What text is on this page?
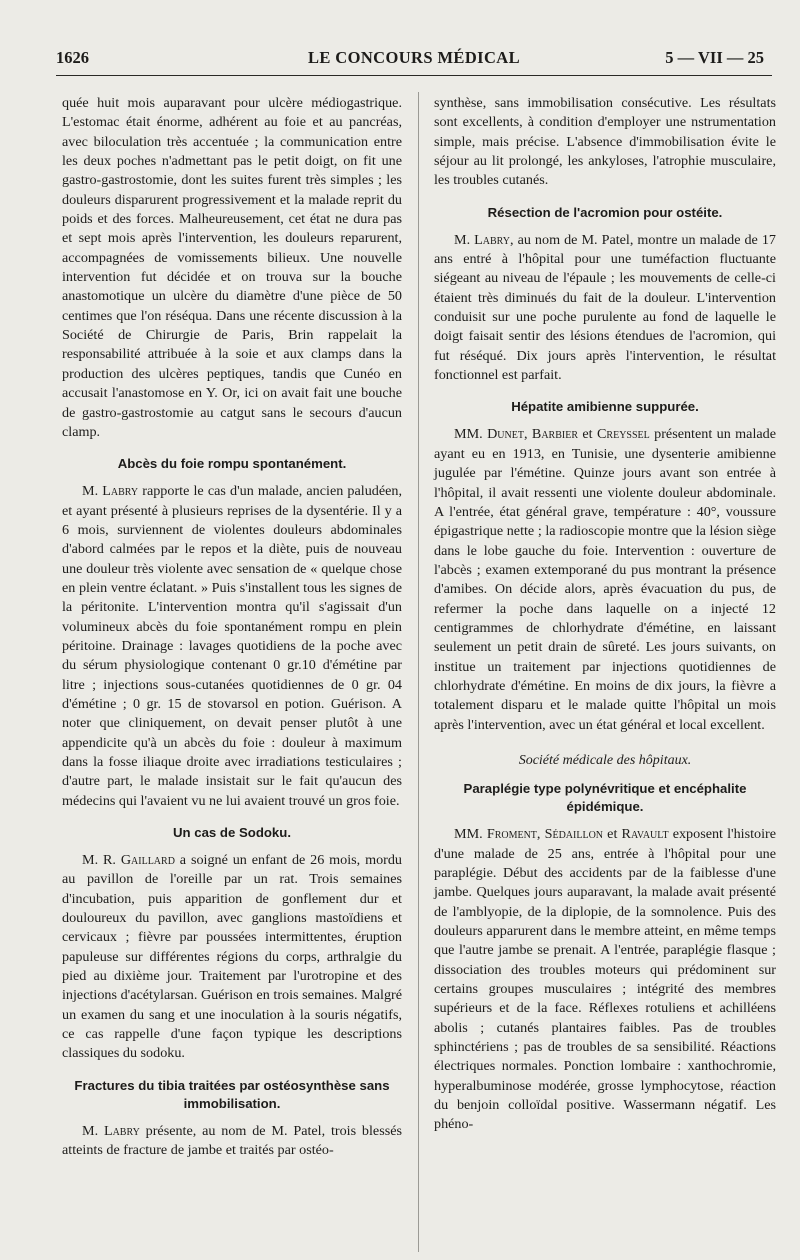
1626	LE CONCOURS MÉDICAL	5 — VII — 25

quée huit mois auparavant pour ulcère médiogastrique. L'estomac était énorme, adhérent au foie et au pancréas, avec biloculation très accentuée ; la communication entre les deux poches n'admettant pas le petit doigt, on fit une gastro-gastrostomie, dont les suites furent très simples ; les douleurs disparurent progressivement et la malade reprit du poids et des forces. Malheureusement, cet état ne dura pas et sept mois après l'intervention, les douleurs reparurent, accompagnées de vomissements bilieux. Une nouvelle intervention fut décidée et on trouva sur la bouche anastomotique un ulcère du diamètre d'une pièce de 50 centimes que l'on réséqua. Dans une récente discussion à la Société de Chirurgie de Paris, Brin rappelait la responsabilité attribuée à la soie et aux clamps dans la production des ulcères peptiques, tandis que Cunéo en accusait l'anastomose en Y. Or, ici on avait fait une bouche de gastro-gastrostomie au catgut sans le secours d'aucun clamp.

Abcès du foie rompu spontanément.

M. Labry rapporte le cas d'un malade, ancien paludéen, et ayant présenté à plusieurs reprises de la dysentérie. Il y a 6 mois, surviennent de violentes douleurs abdominales d'abord calmées par le repos et la diète, puis de nouveau une douleur très violente avec sensation de « quelque chose en plein ventre éclatant. » Puis s'installent tous les signes de la péritonite. L'intervention montra qu'il s'agissait d'un volumineux abcès du foie spontanément rompu en plein péritoine. Drainage : lavages quotidiens de la poche avec du sérum physiologique contenant 0 gr.10 d'émétine par litre ; injections sous-cutanées quotidiennes de 0 gr. 04 d'émétine ; 0 gr. 15 de stovarsol en potion. Guérison. A noter que cliniquement, on devait penser plutôt à une appendicite qu'à un abcès du foie : douleur à maximum dans la fosse iliaque droite avec irradiations testiculaires ; d'autre part, le malade insistait sur le fait qu'aucun des médecins qui l'avaient vu ne lui avaient trouvé un gros foie.

Un cas de Sodoku.

M. R. Gaillard a soigné un enfant de 26 mois, mordu au pavillon de l'oreille par un rat. Trois semaines d'incubation, puis apparition de gonflement dur et douloureux du pavillon, avec ganglions mastoïdiens et cervicaux ; fièvre par poussées intermittentes, éruption papuleuse sur différentes régions du corps, arthralgie du pied au dixième jour. Traitement par l'urotropine et des injections d'acétylarsan. Guérison en trois semaines. Malgré un examen du sang et une inoculation à la souris négatifs, ce cas rappelle d'une façon typique les descriptions classiques du sodoku.

Fractures du tibia traitées par ostéosynthèse sans immobilisation.

M. Labry présente, au nom de M. Patel, trois blessés atteints de fracture de jambe et traités par ostéo-

synthèse, sans immobilisation consécutive. Les résultats sont excellents, à condition d'employer une nstrumentation simple, mais précise. L'absence d'immobilisation évite le séjour au lit prolongé, les ankyloses, l'atrophie musculaire, les troubles cutanés.

Résection de l'acromion pour ostéite.

M. Labry, au nom de M. Patel, montre un malade de 17 ans entré à l'hôpital pour une tuméfaction fluctuante siégeant au niveau de l'épaule ; les mouvements de celle-ci étaient très diminués du fait de la douleur. L'intervention conduisit sur une poche purulente au fond de laquelle le doigt faisait sentir des lésions étendues de l'acromion, qui fut réséqué. Dix jours après l'intervention, le résultat fonctionnel est parfait.

Hépatite amibienne suppurée.

MM. Dunet, Barbier et Creyssel présentent un malade ayant eu en 1913, en Tunisie, une dysenterie amibienne jugulée par l'émétine. Quinze jours avant son entrée à l'hôpital, il avait ressenti une violente douleur abdominale. A l'entrée, état général grave, température : 40°, voussure épigastrique nette ; la radioscopie montre que la lésion siège dans le lobe gauche du foie. Intervention : ouverture de l'abcès ; examen extemporané du pus montrant la présence d'amibes. On décide alors, après évacuation du pus, de refermer la poche dans laquelle on a injecté 12 centigrammes de chlorhydrate d'émétine, en laissant seulement un petit drain de sûreté. Les jours suivants, on institue un traitement par injections quotidiennes de chlorhydrate d'émétine. En moins de dix jours, la fièvre a totalement disparu et le malade quitte l'hôpital un mois après l'intervention, avec un état général et local excellent.

Société médicale des hôpitaux.
Paraplégie type polynévritique et encéphalite épidémique.

MM. Froment, Sédaillon et Ravault exposent l'histoire d'une malade de 25 ans, entrée à l'hôpital pour une paraplégie. Début des accidents par de la faiblesse d'une jambe. Quelques jours auparavant, la malade avait présenté de l'amblyopie, de la diplopie, de la somnolence. Puis des douleurs apparurent dans le membre atteint, en même temps que l'autre jambe se prenait. A l'entrée, paraplégie flasque ; dissociation des troubles moteurs qui prédominent sur certains groupes musculaires ; intégrité des membres supérieurs et de la face. Réflexes rotuliens et achilléens abolis ; cutanés plantaires faibles. Pas de troubles sphinctériens ; pas de troubles de sa sensibilité. Réactions électriques normales. Ponction lombaire : xanthochromie, hyperalbuminose modérée, grosse lymphocytose, réaction du benjoin colloïdal positive. Wassermann négatif. Les phéno-
